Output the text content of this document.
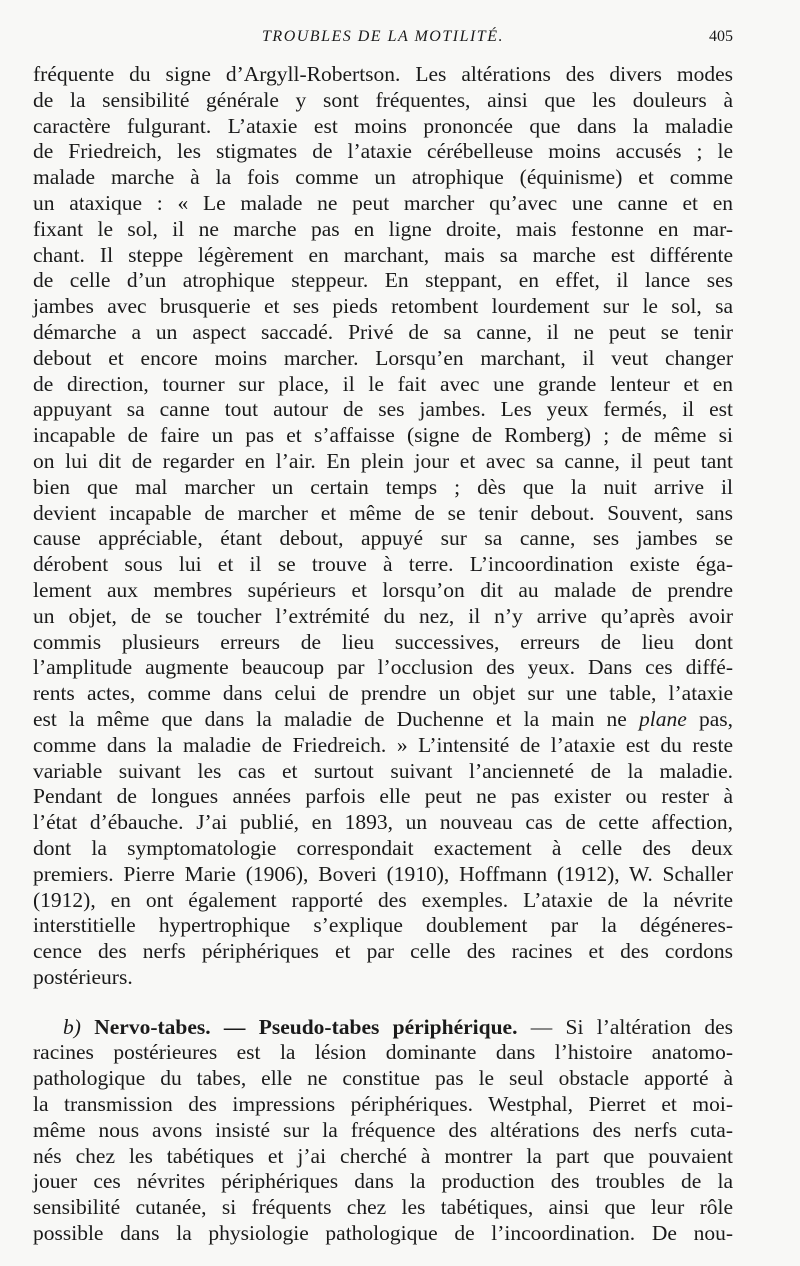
TROUBLES DE LA MOTILITÉ.	405
fréquente du signe d’Argyll-Robertson. Les altérations des divers modes
de la sensibilité générale y sont fréquentes, ainsi que les douleurs à
caractère fulgurant. L’ataxie est moins prononcée que dans la maladie
de Friedreich, les stigmates de l’ataxie cérébelleuse moins accusés ; le
malade marche à la fois comme un atrophique (équinisme) et comme
un ataxique : « Le malade ne peut marcher qu’avec une canne et en
fixant le sol, il ne marche pas en ligne droite, mais festonne en mar-
chant. Il steppe légèrement en marchant, mais sa marche est différente
de celle d’un atrophique steppeur. En steppant, en effet, il lance ses
jambes avec brusquerie et ses pieds retombent lourdement sur le sol, sa
démarche a un aspect saccadé. Privé de sa canne, il ne peut se tenir
debout et encore moins marcher. Lorsqu’en marchant, il veut changer
de direction, tourner sur place, il le fait avec une grande lenteur et en
appuyant sa canne tout autour de ses jambes. Les yeux fermés, il est
incapable de faire un pas et s’affaisse (signe de Romberg) ; de même si
on lui dit de regarder en l’air. En plein jour et avec sa canne, il peut tant
bien que mal marcher un certain temps ; dès que la nuit arrive il
devient incapable de marcher et même de se tenir debout. Souvent, sans
cause appréciable, étant debout, appuyé sur sa canne, ses jambes se
dérobent sous lui et il se trouve à terre. L’incoordination existe éga-
lement aux membres supérieurs et lorsqu’on dit au malade de prendre
un objet, de se toucher l’extrémité du nez, il n’y arrive qu’après avoir
commis plusieurs erreurs de lieu successives, erreurs de lieu dont
l’amplitude augmente beaucoup par l’occlusion des yeux. Dans ces diffé-
rents actes, comme dans celui de prendre un objet sur une table, l’ataxie
est la même que dans la maladie de Duchenne et la main ne plane pas,
comme dans la maladie de Friedreich. » L’intensité de l’ataxie est du reste
variable suivant les cas et surtout suivant l’ancienneté de la maladie.
Pendant de longues années parfois elle peut ne pas exister ou rester à
l’état d’ébauche. J’ai publié, en 1893, un nouveau cas de cette affection,
dont la symptomatologie correspondait exactement à celle des deux
premiers. Pierre Marie (1906), Boveri (1910), Hoffmann (1912), W. Schaller
(1912), en ont également rapporté des exemples. L’ataxie de la névrite
interstitielle hypertrophique s’explique doublement par la dégéneres-
cence des nerfs périphériques et par celle des racines et des cordons
postérieurs.
b) Nervo-tabes. — Pseudo-tabes périphérique. — Si l’altération des
racines postérieures est la lésion dominante dans l’histoire anatomo-
pathologique du tabes, elle ne constitue pas le seul obstacle apporté à
la transmission des impressions périphériques. Westphal, Pierret et moi-
même nous avons insisté sur la fréquence des altérations des nerfs cuta-
nés chez les tabétiques et j’ai cherché à montrer la part que pouvaient
jouer ces névrites périphériques dans la production des troubles de la
sensibilité cutanée, si fréquents chez les tabétiques, ainsi que leur rôle
possible dans la physiologie pathologique de l’incoordination. De nou-
